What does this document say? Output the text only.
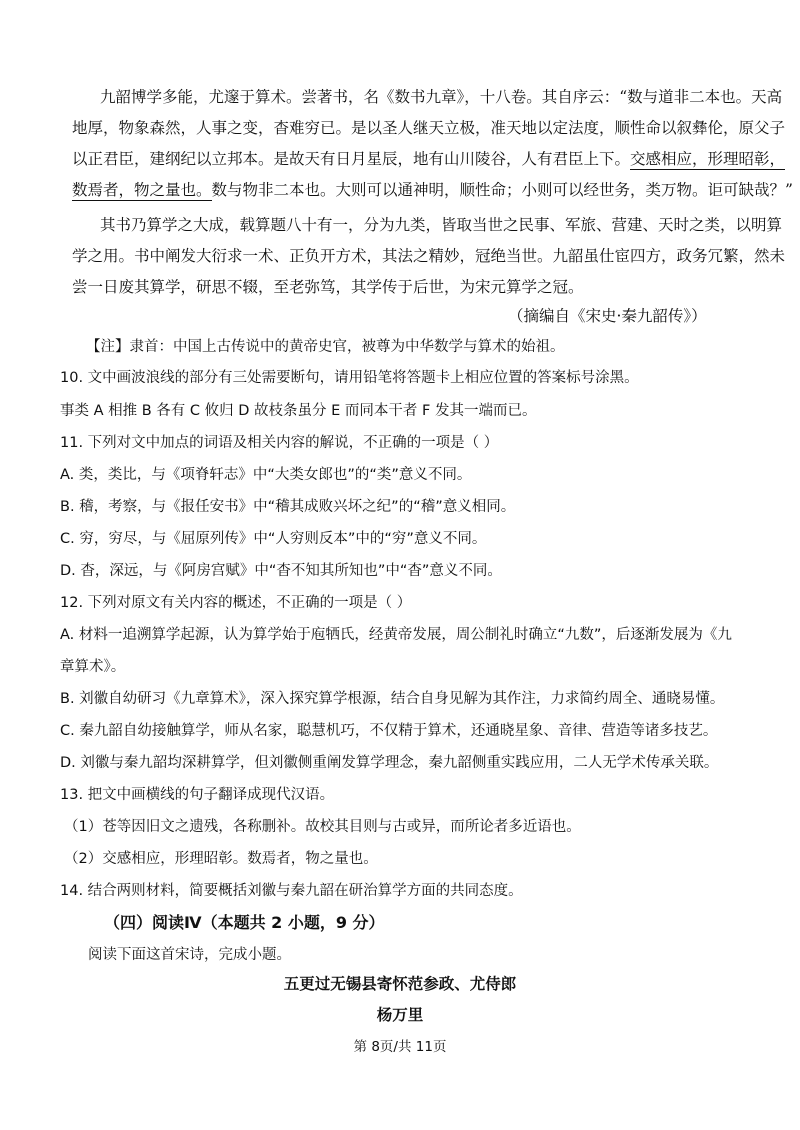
九韶博学多能，尤邃于算术。尝著书，名《数书九章》，十八卷。其自序云：“数与道非二本也。天高
地厚，物象森然，人事之变，杳难穷已。是以圣人继天立极，准天地以定法度，顺性命以叙彝伦，原父子
以正君臣，建纲纪以立邦本。是故天有日月星辰，地有山川陵谷，人有君臣上下。交感相应，形理昭彰，
数焉者，物之量也。数与物非二本也。大则可以通神明，顺性命；小则可以经世务，类万物。讵可缺哉？”
其书乃算学之大成，载算题八十有一，分为九类，皆取当世之民事、军旅、营建、天时之类，以明算
学之用。书中阐发大衍求一术、正负开方术，其法之精妙，冠绝当世。九韶虽仕宦四方，政务冗繁，然未
尝一日废其算学，研思不辍，至老弥笃，其学传于后世，为宋元算学之冠。
（摘编自《宋史·秦九韶传》）
【注】隶首：中国上古传说中的黄帝史官，被尊为中华数学与算术的始祖。
10. 文中画波浪线的部分有三处需要断句，请用铅笔将答题卡上相应位置的答案标号涂黑。
事类 A 相推 B 各有 C 攸归 D 故枝条虽分 E 而同本干者 F 发其一端而已。
11. 下列对文中加点的词语及相关内容的解说，不正确的一项是（ ）
A. 类，类比，与《项脊轩志》中“大类女郎也”的“类”意义不同。
B. 稽，考察，与《报任安书》中“稽其成败兴坏之纪”的“稽”意义相同。
C. 穷，穷尽，与《屈原列传》中“人穷则反本”中的“穷”意义不同。
D. 杳，深远，与《阿房宫赋》中“杳不知其所知也”中“杳”意义不同。
12. 下列对原文有关内容的概述，不正确的一项是（ ）
A. 材料一追溯算学起源，认为算学始于庖牺氏，经黄帝发展，周公制礼时确立“九数”，后逐渐发展为《九
章算术》。
B. 刘徽自幼研习《九章算术》，深入探究算学根源，结合自身见解为其作注，力求简约周全、通晓易懂。
C. 秦九韶自幼接触算学，师从名家，聪慧机巧，不仅精于算术，还通晓星象、音律、营造等诸多技艺。
D. 刘徽与秦九韶均深耕算学，但刘徽侧重阐发算学理念，秦九韶侧重实践应用，二人无学术传承关联。
13. 把文中画横线的句子翻译成现代汉语。
（1）苍等因旧文之遗残，各称删补。故校其目则与古或异，而所论者多近语也。
（2）交感相应，形理昭彰。数焉者，物之量也。
14. 结合两则材料，简要概括刘徽与秦九韶在研治算学方面的共同态度。
（四）阅读Ⅳ（本题共 2 小题，9 分）
阅读下面这首宋诗，完成小题。
五更过无锡县寄怀范参政、尤侍郎
杨万里
第 8页/共 11页
